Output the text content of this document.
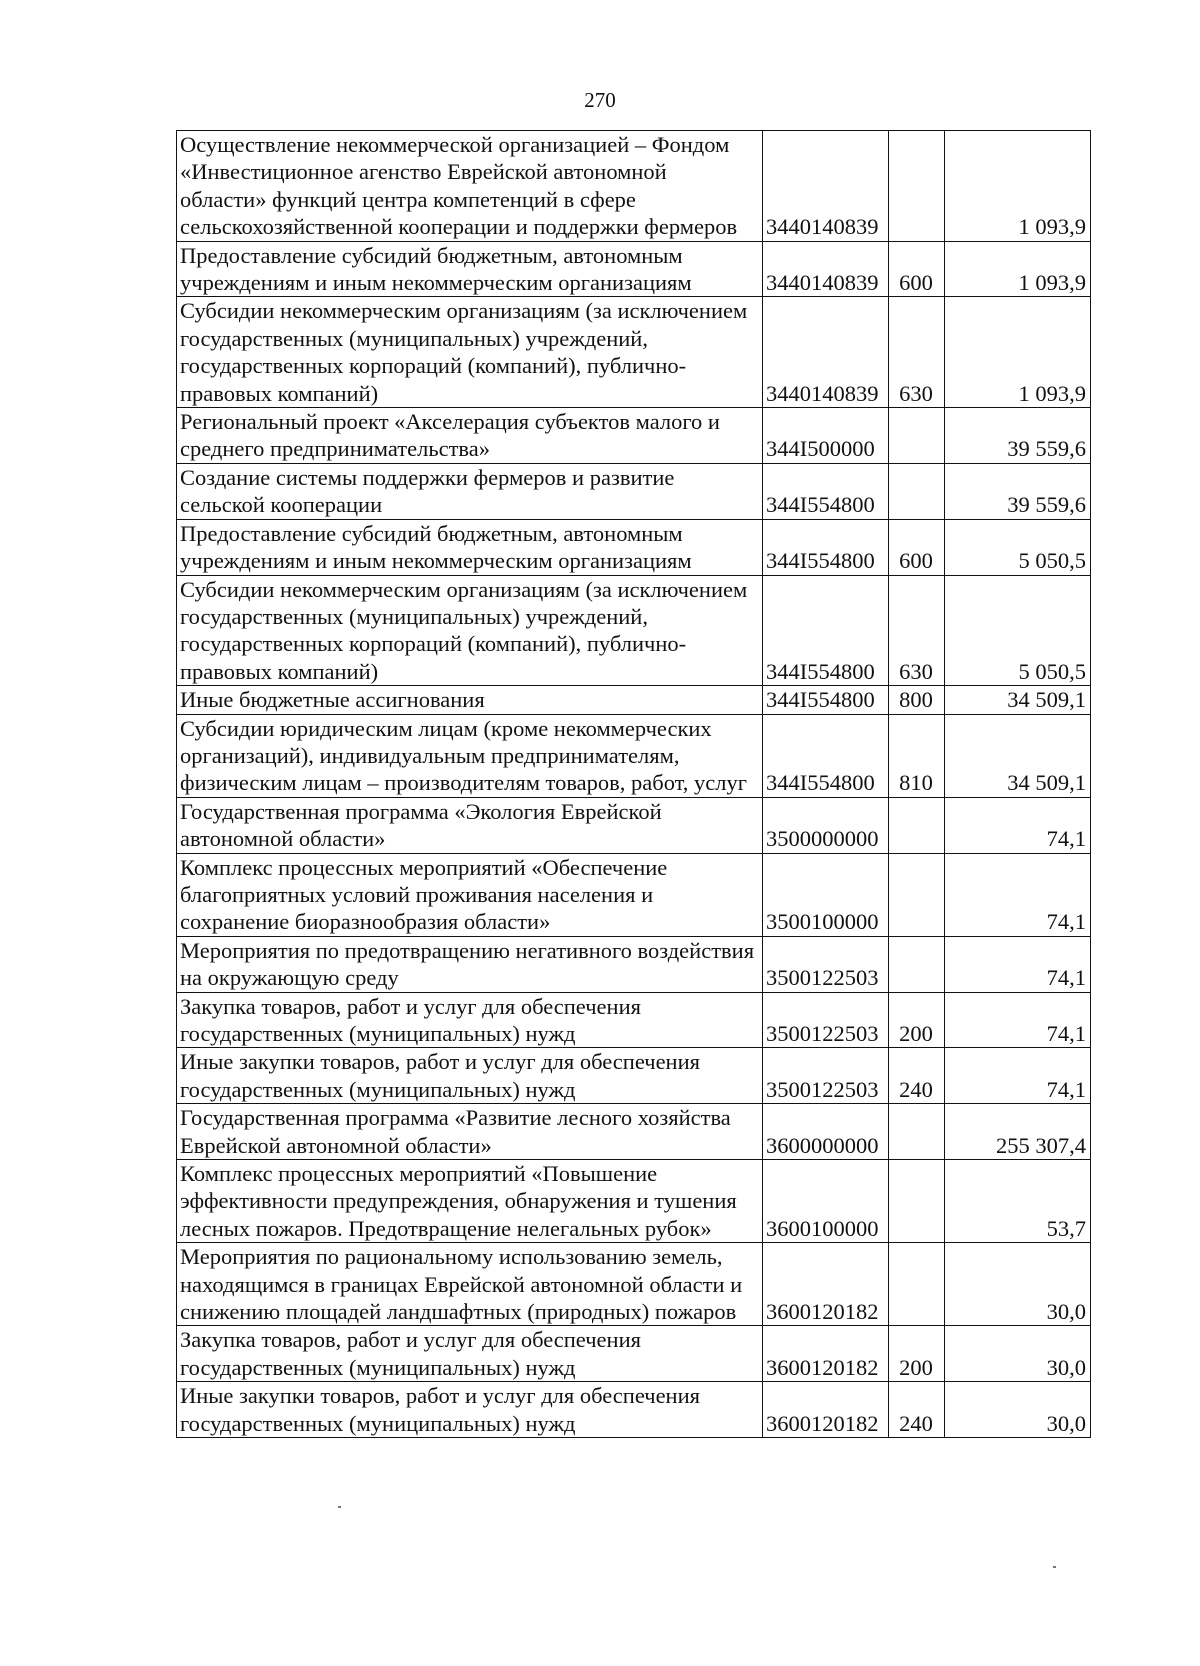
270
Осуществление некоммерческой организацией – Фондом «Инвестиционное агенство Еврейской автономной области» функций центра компетенций в сфере сельскохозяйственной кооперации и поддержки фермеров	3440140839		1 093,9
Предоставление субсидий бюджетным, автономным учреждениям и иным некоммерческим организациям	3440140839	600	1 093,9
Субсидии некоммерческим организациям (за исключением государственных (муниципальных) учреждений, государственных корпораций (компаний), публично-правовых компаний)	3440140839	630	1 093,9
Региональный проект «Акселерация субъектов малого и среднего предпринимательства»	344I500000		39 559,6
Создание системы поддержки фермеров и развитие сельской кооперации	344I554800		39 559,6
Предоставление субсидий бюджетным, автономным учреждениям и иным некоммерческим организациям	344I554800	600	5 050,5
Субсидии некоммерческим организациям (за исключением государственных (муниципальных) учреждений, государственных корпораций (компаний), публично-правовых компаний)	344I554800	630	5 050,5
Иные бюджетные ассигнования	344I554800	800	34 509,1
Субсидии юридическим лицам (кроме некоммерческих организаций), индивидуальным предпринимателям, физическим лицам – производителям товаров, работ, услуг	344I554800	810	34 509,1
Государственная программа «Экология Еврейской автономной области»	3500000000		74,1
Комплекс процессных мероприятий «Обеспечение благоприятных условий проживания населения и сохранение биоразнообразия области»	3500100000		74,1
Мероприятия по предотвращению негативного воздействия на окружающую среду	3500122503		74,1
Закупка товаров, работ и услуг для обеспечения государственных (муниципальных) нужд	3500122503	200	74,1
Иные закупки товаров, работ и услуг для обеспечения государственных (муниципальных) нужд	3500122503	240	74,1
Государственная программа «Развитие лесного хозяйства Еврейской автономной области»	3600000000		255 307,4
Комплекс процессных мероприятий «Повышение эффективности предупреждения, обнаружения и тушения лесных пожаров. Предотвращение нелегальных рубок»	3600100000		53,7
Мероприятия по рациональному использованию земель, находящимся в границах Еврейской автономной области и снижению площадей ландшафтных (природных) пожаров	3600120182		30,0
Закупка товаров, работ и услуг для обеспечения государственных (муниципальных) нужд	3600120182	200	30,0
Иные закупки товаров, работ и услуг для обеспечения государственных (муниципальных) нужд	3600120182	240	30,0
